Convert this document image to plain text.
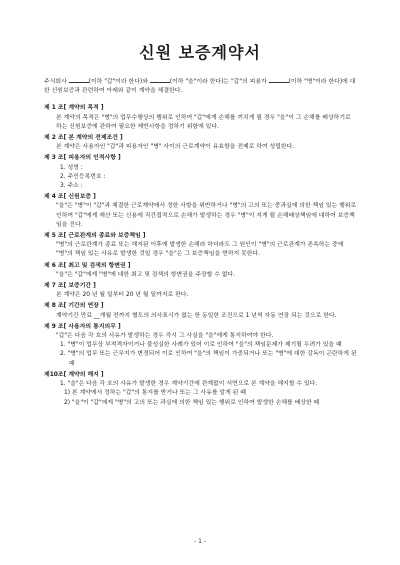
신원 보증계약서
주식회사	(이하 "갑"이라 한다)와	(이하 "을"이라 한다)는 "갑"의 피용자	(이하 "병"이라 한다)에 대한 신원보증과 관련하여 아래와 같이 계약을 체결한다.
제 1 조[ 계약의 목적 ]
본 계약의 목적은 "병"의 업무수행상의 행위로 인하여 "갑"에게 손해를 끼치게 될 경우 "을"이 그 손해를 배상하기로 하는 신원보증에 관하여 필요한 제반사항을 정하기 위함에 있다.
제 2 조[ 본 계약의 전제조건 ]
본 계약은 사용자인 "갑"과 피용자인 "병" 사이의 근로계약이 유효함을 전제로 하여 성립한다.
제 3 조[ 피용자의 인적사항 ]
1. 성명 :
2. 주민등록번호 :
3. 주소 :
제 4 조[ 신원보증 ]
"을"은 "병"이 "갑"과 체결한 근로계약에서 정한 사항을 위반하거나 "병"의 고의 또는 중과실에 의한 책임 있는 행위로 인하여 "갑"에게 재산 또는 신용에 직간접적으로 손해가 발생하는 경우 "병"이 지게 될 손해배상책임에 대하여 보증책임을 진다.
제 5 조[ 근로관계의 종료와 보증책임 ]
"병"의 근로관계가 종료 또는 해지된 이후에 발생한 손해라 하더라도 그 원인이 "병"의 근로관계가 존속하는 중에 "병"의 책임 있는 사유로 발생한 것일 경우 "을"은 그 보증책임을 면하지 못한다.
제 6 조[ 최고 및 검색의 항변권 ]
"을"은 "갑"에게 "병"에 대한 최고 및 검색의 항변권을 주장할 수 없다.
제 7 조[ 보증기간 ]
본 계약은 20 년 월 일부터 20 년 월 일까지로 한다.
제 8 조[ 기간의 연장 ]
계약기간 만료 __개월 전까지 별도의 의사표시가 없는 한 동일한 조건으로 1 년씩 자동 연장 되는 것으로 한다.
제 9 조[ 사용자의 통지의무 ]
"갑"은 다음 각 호의 사유가 발생하는 경우 즉시 그 사실을 "을"에게 통지하여야 한다.
1. "병"이 업무상 부적격자이거나 불성실한 사례가 있어 이로 인하여 "을"의 책임문제가 제기될 우려가 있을 때
2. "병"의 업무 또는 근무지가 변경되어 이로 인하여 "을"의 책임이 가중되거나 또는 "병"에 대한 감독이 곤란하게 된 때
제10조[ 계약의 해지 ]
1. "을"은 다음 각 호의 사유가 발생한 경우 계약기간에 관계없이 서면으로 본 계약을 해지할 수 있다.
1) 본 계약에서 정하는 "갑"의 통지를 받거나 또는 그 사유를 알게 된 때
2) "을"이 "갑"에게 "병"의 고의 또는 과실에 의한 책임 있는 행위로 인하여 발생한 손해를 배상한 때
- 1 -
